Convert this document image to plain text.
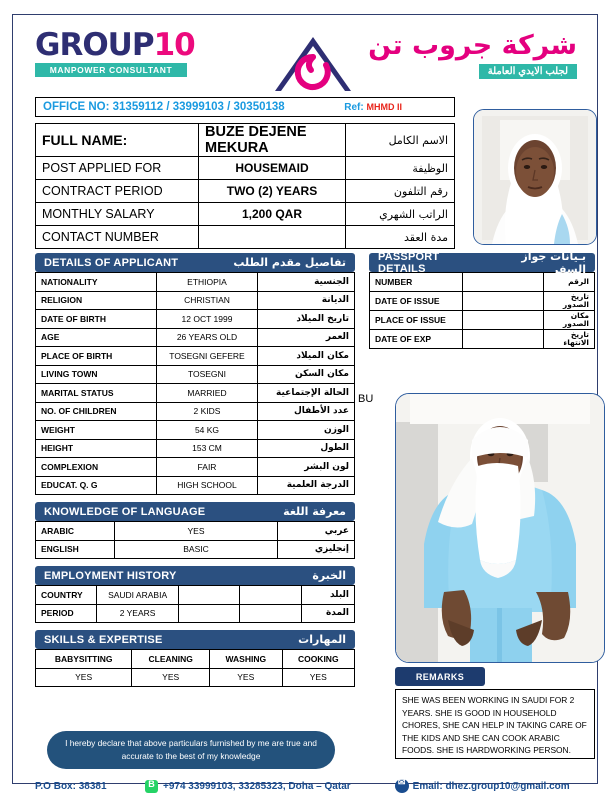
GROUP10
MANPOWER CONSULTANT
شركة جروب تن
لجلب الايدي العاملة
OFFICE NO: 31359112 / 33999103 / 30350138	Ref: MHMD II
FULL NAME:	BUZE DEJENE MEKURA	الاسم الكامل
POST APPLIED FOR	HOUSEMAID	الوظيفة
CONTRACT PERIOD	TWO (2) YEARS	رقم التلفون
MONTHLY SALARY	1,200 QAR	الراتب الشهري
CONTACT NUMBER		مدة العقد
DETAILS OF APPLICANT	تفاصيل مقدم الطلب
NATIONALITY	ETHIOPIA	الجنسية
RELIGION	CHRISTIAN	الديانة
DATE OF BIRTH	12 OCT 1999	تاريخ الميلاد
AGE	26 YEARS OLD	العمر
PLACE OF BIRTH	TOSEGNI GEFERE	مكان الميلاد
LIVING TOWN	TOSEGNI	مكان السكن
MARITAL STATUS	MARRIED	الحالة الإجتماعية
NO. OF CHILDREN	2 KIDS	عدد الأطفال
WEIGHT	54 KG	الوزن
HEIGHT	153 CM	الطول
COMPLEXION	FAIR	لون البشر
EDUCAT. Q. G	HIGH SCHOOL	الدرجة العلمية
KNOWLEDGE OF LANGUAGE	معرفة اللغة
ARABIC	YES	عربي
ENGLISH	BASIC	إنجليزي
EMPLOYMENT HISTORY	الخبرة
COUNTRY	SAUDI ARABIA			البلد
PERIOD	2 YEARS			المدة
SKILLS & EXPERTISE	المهارات
BABYSITTING	CLEANING	WASHING	COOKING
YES	YES	YES	YES
PASSPORT DETAILS
بـيانات جواز السفر
NUMBER		الرقم
DATE OF ISSUE		تاريخ الصدور
PLACE OF ISSUE		مكان الصدور
DATE OF EXP		تاريخ الانتهاء
BU
REMARKS
SHE WAS BEEN WORKING IN SAUDI FOR 2 YEARS. SHE IS GOOD IN HOUSEHOLD CHORES, SHE CAN HELP IN TAKING CARE OF THE KIDS AND SHE CAN COOK ARABIC FOODS. SHE IS HARDWORKING PERSON.
I hereby declare that above particulars furnished by me are true and accurate to the best of my knowledge
P.O Box: 38381 B	+974 33999103, 33285323, Doha – Qatar ✉	Email: dhez.group10@gmail.com
